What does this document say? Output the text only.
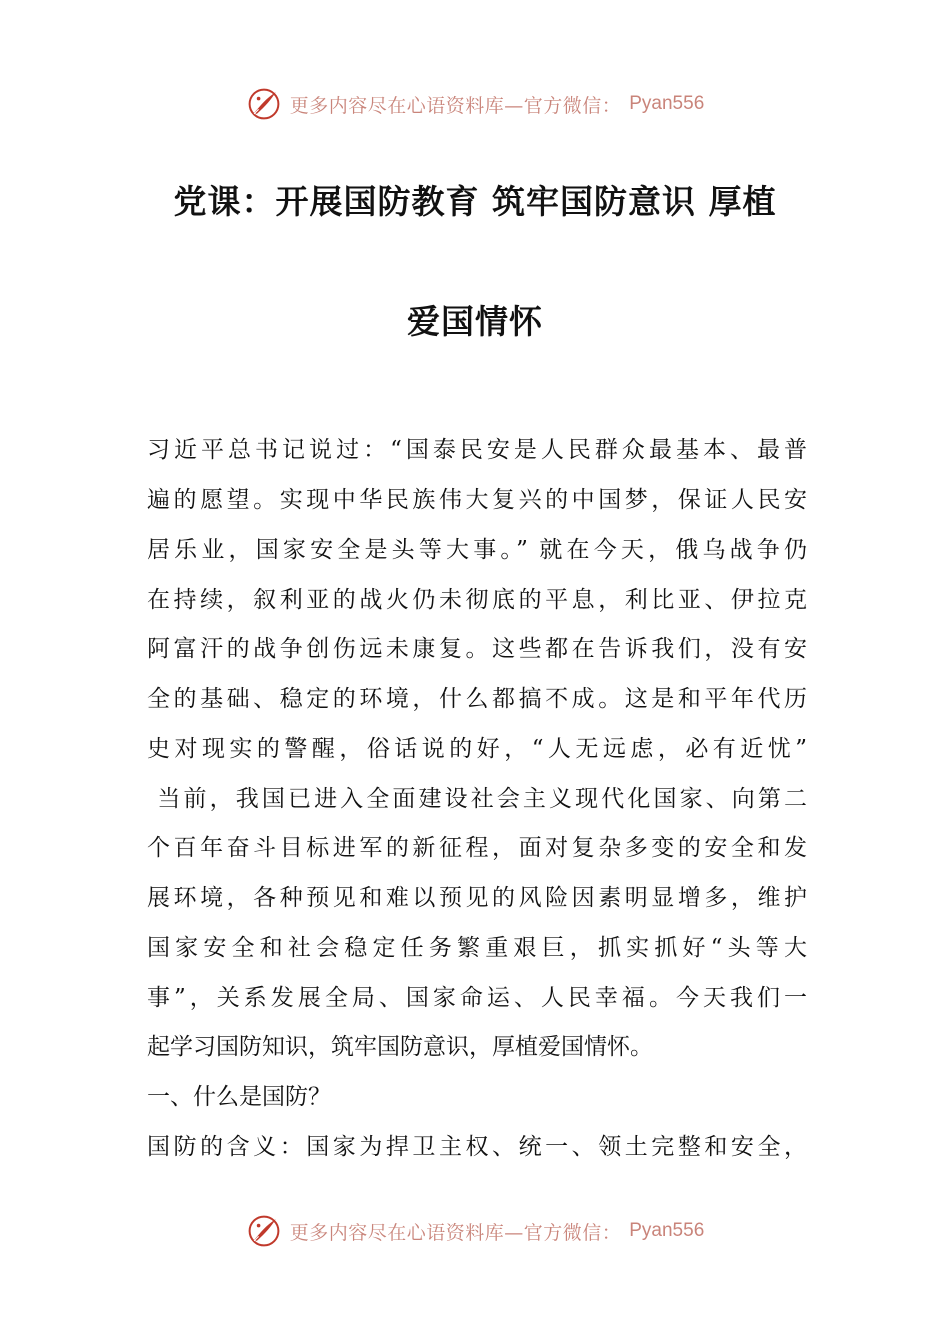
更多内容尽在心语资料库—官方微信： Pyan556
党课：开展国防教育 筑牢国防意识 厚植
爱国情怀
习近平总书记说过：“国泰民安是人民群众最基本、最普
遍的愿望。实现中华民族伟大复兴的中国梦，保证人民安
居乐业，国家安全是头等大事。” 就在今天，俄乌战争仍
在持续，叙利亚的战火仍未彻底的平息，利比亚、伊拉克
阿富汗的战争创伤远未康复。这些都在告诉我们，没有安
全的基础、稳定的环境，什么都搞不成。这是和平年代历
史对现实的警醒，俗话说的好，“人无远虑，必有近忧”
当前，我国已进入全面建设社会主义现代化国家、向第二
个百年奋斗目标进军的新征程，面对复杂多变的安全和发
展环境，各种预见和难以预见的风险因素明显增多，维护
国家安全和社会稳定任务繁重艰巨，抓实抓好“头等大
事”，关系发展全局、国家命运、人民幸福。今天我们一
起学习国防知识，筑牢国防意识，厚植爱国情怀。
一、什么是国防？
国防的含义：国家为捍卫主权、统一、领土完整和安全，
更多内容尽在心语资料库—官方微信： Pyan556
